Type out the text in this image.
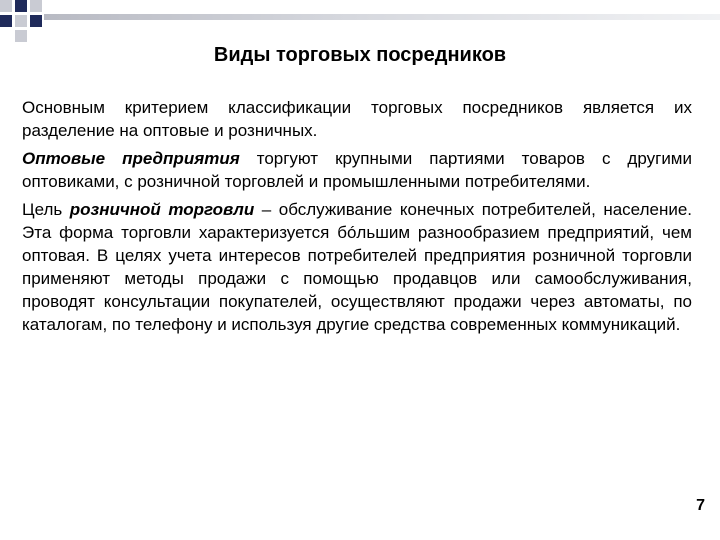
Виды торговых посредников

Основным критерием классификации торговых посредников является их разделение на оптовые и розничных.

Оптовые предприятия торгуют крупными партиями товаров с другими оптовиками, с розничной торговлей и промышленными потребителями.

Цель розничной торговли – обслуживание конечных потребителей, население. Эта форма торговли характеризуется бóльшим разнообразием предприятий, чем оптовая. В целях учета интересов потребителей предприятия розничной торговли применяют методы продажи с помощью продавцов или самообслуживания, проводят консультации покупателей, осуществляют продажи через автоматы, по каталогам, по телефону и используя другие средства современных коммуникаций.

7
